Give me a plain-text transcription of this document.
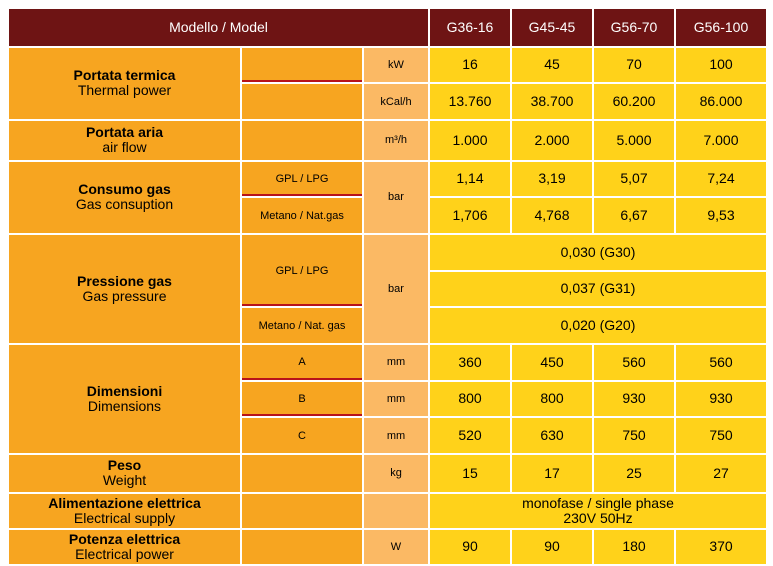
Modello / Model			G36-16	G45-45	G56-70	G56-100

Portata termica
Thermal power		kW	16	45	70	100
		kCal/h	13.760	38.700	60.200	86.000

Portata aria
air flow		m³/h	1.000	2.000	5.000	7.000

Consumo gas
Gas consuption	GPL / LPG	bar	1,14	3,19	5,07	7,24
	Metano / Nat.gas		1,706	4,768	6,67	9,53

Pressione gas
Gas pressure	GPL / LPG	bar	0,030 (G30)			
			0,037 (G31)			
	Metano / Nat. gas		0,020 (G20)			

Dimensioni
Dimensions	A	mm	360	450	560	560
	B	mm	800	800	930	930
	C	mm	520	630	750	750

Peso
Weight		kg	15	17	25	27

Alimentazione elettrica
Electrical supply			monofase / single phase
230V 50Hz			

Potenza elettrica
Electrical power		W	90	90	180	370
